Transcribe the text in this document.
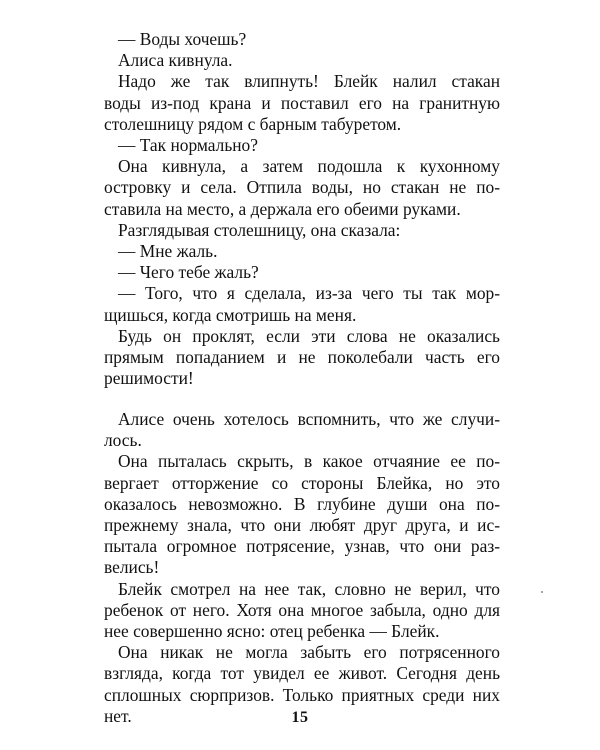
— Воды хочешь?

Алиса кивнула.

Надо же так влипнуть! Блейк налил стакан
воды из-под крана и поставил его на гранитную
столешницу рядом с барным табуретом.

— Так нормально?

Она кивнула, а затем подошла к кухонному
островку и села. Отпила воды, но стакан не по-
ставила на место, а держала его обеими руками.

Разглядывая столешницу, она сказала:

— Мне жаль.

— Чего тебе жаль?

— Того, что я сделала, из-за чего ты так мор-
щишься, когда смотришь на меня.

Будь он проклят, если эти слова не оказались
прямым попаданием и не поколебали часть его
решимости!

Алисе очень хотелось вспомнить, что же случи-
лось.

Она пыталась скрыть, в какое отчаяние ее по-
вергает отторжение со стороны Блейка, но это
оказалось невозможно. В глубине души она по-
прежнему знала, что они любят друг друга, и ис-
пытала огромное потрясение, узнав, что они раз-
велись!

Блейк смотрел на нее так, словно не верил, что
ребенок от него. Хотя она многое забыла, одно для
нее совершенно ясно: отец ребенка — Блейк.

Она никак не могла забыть его потрясенного
взгляда, когда тот увидел ее живот. Сегодня день
сплошных сюрпризов. Только приятных среди них
нет.	15
